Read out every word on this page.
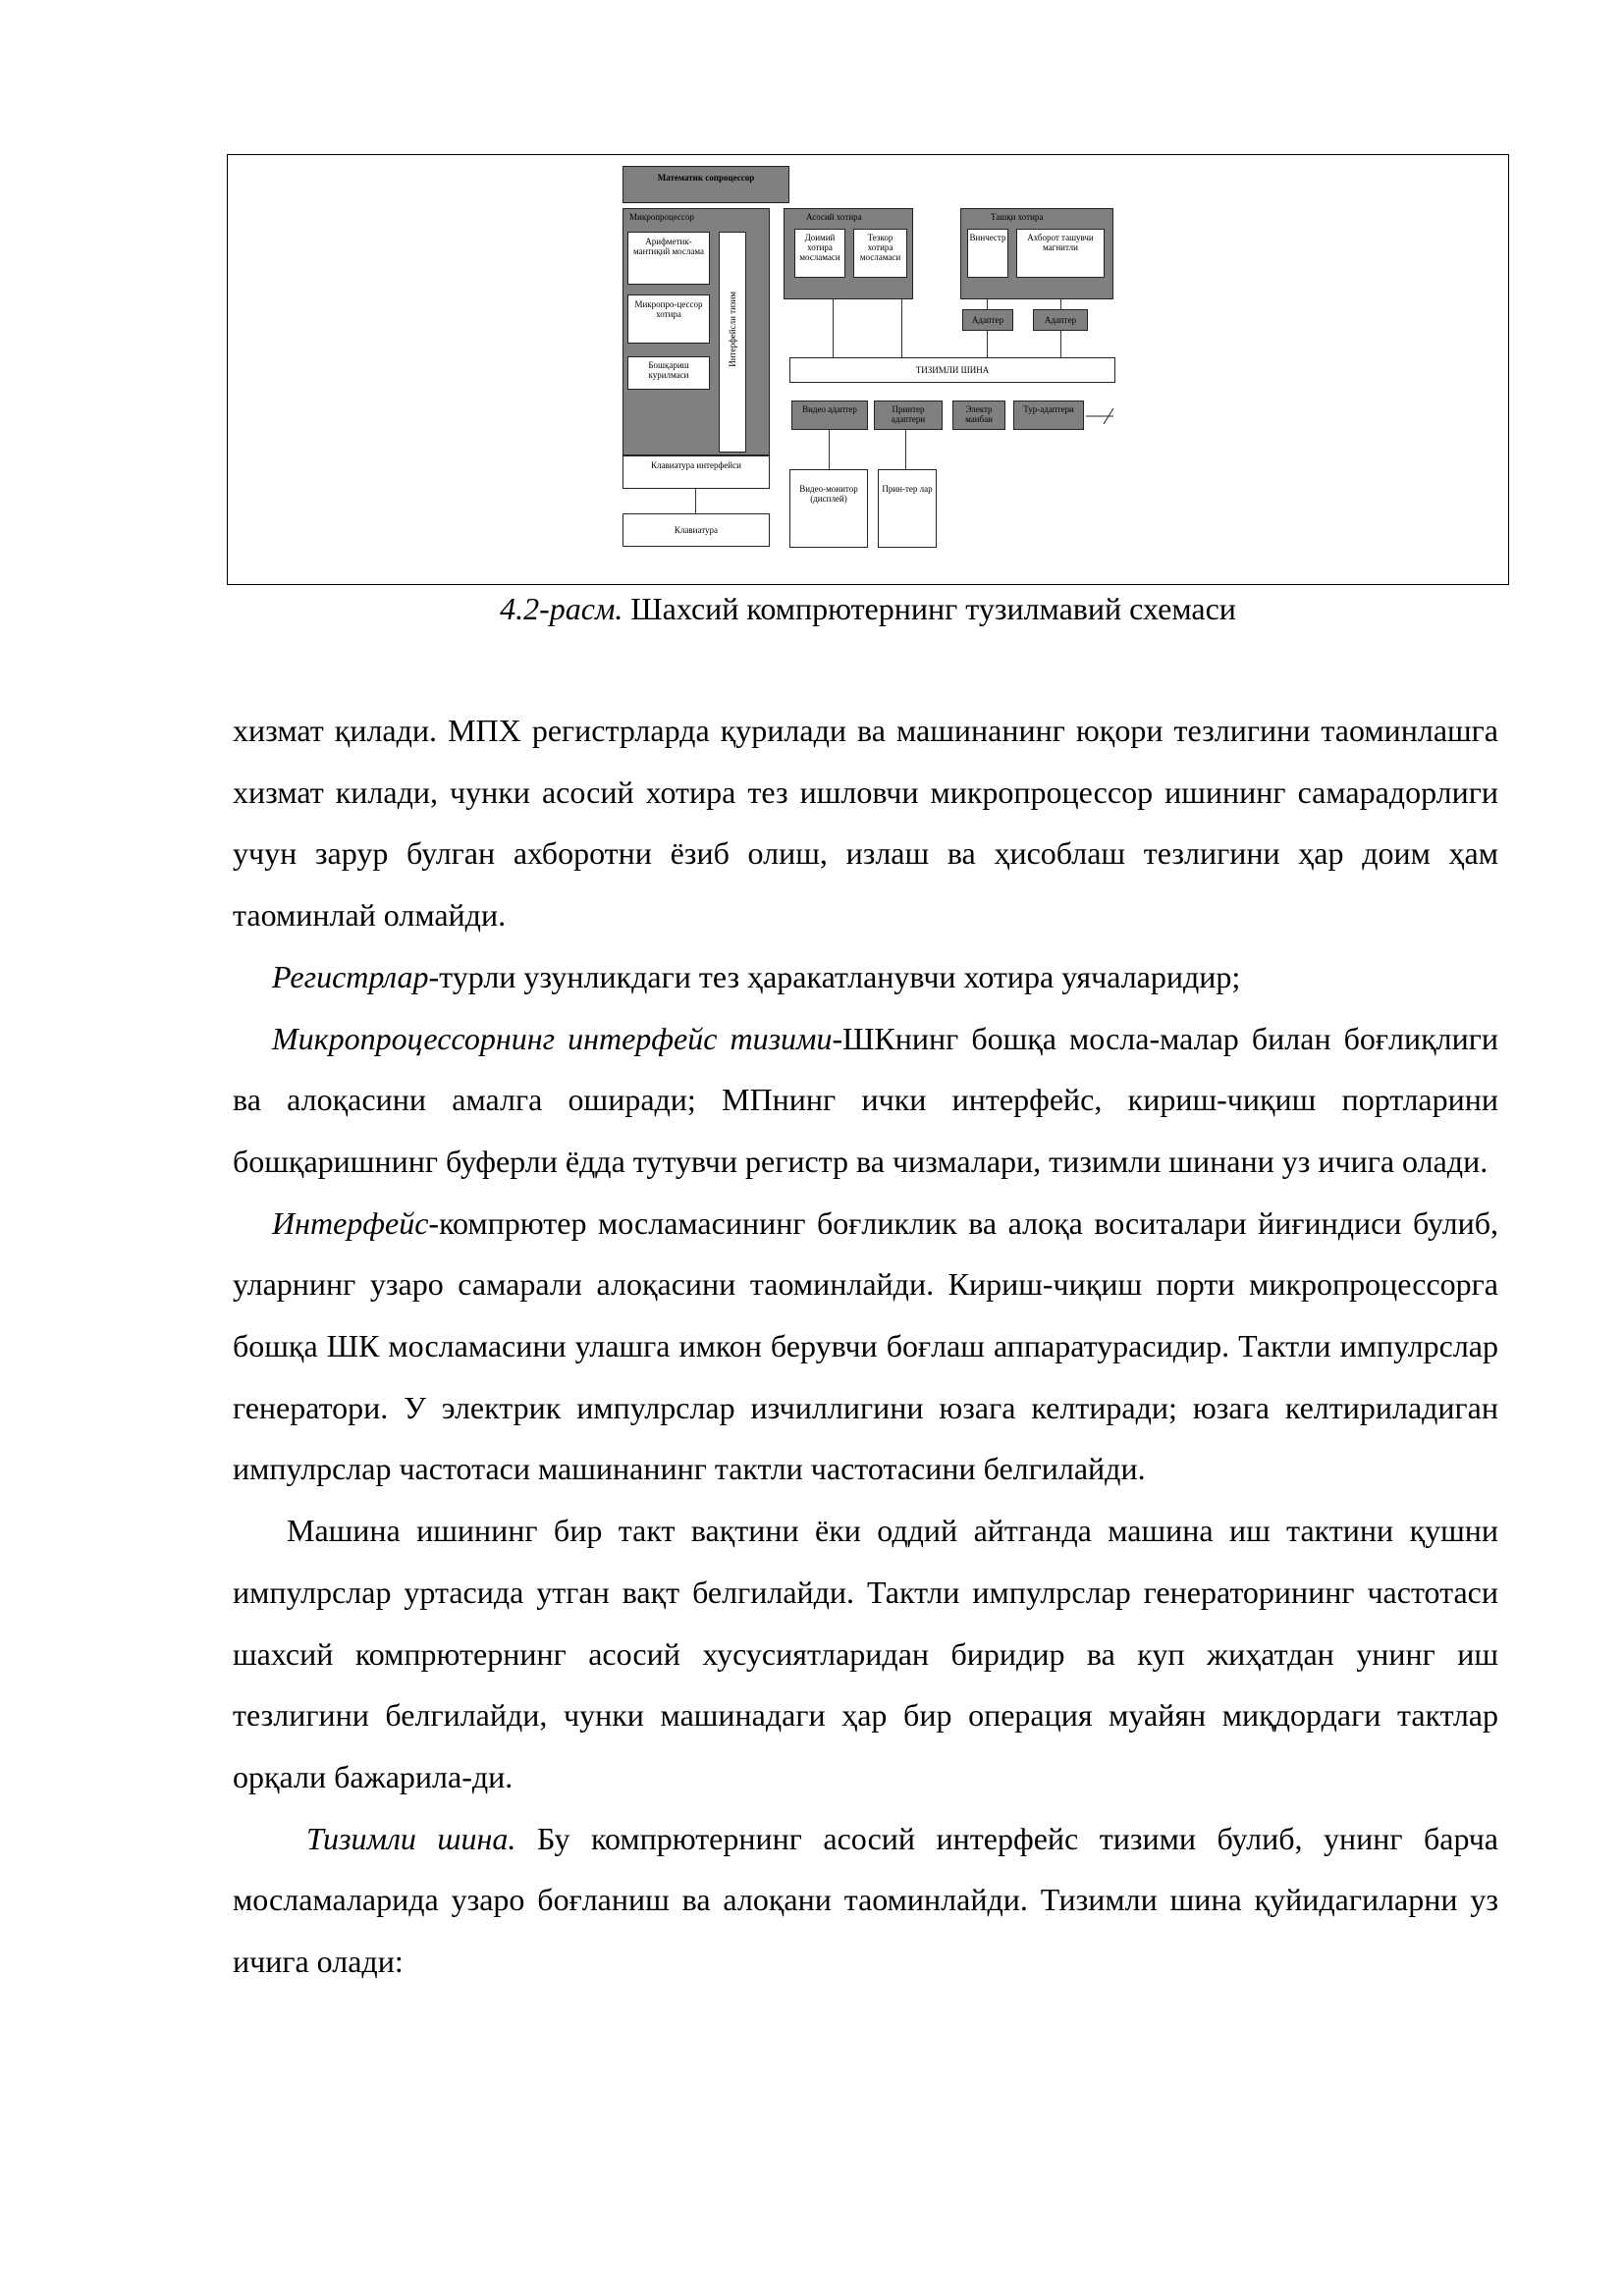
Математик сопроцессор
Микропроцессор
Арифметик-мантиқий мослама
Микропро-цессор хотира
Бошқариш курилмаси
Интерфейсли тизим
Клавиатура интерфейси
Клавиатура
Асосий хотира
Доимий хотира мосламаси
Тезкор хотира мосламаси
Ташқи хотира
Винчестр	Ахборот ташувчи магнитли
Адаптер	Адаптер
ТИЗИМЛИ ШИНА
Видео адаптер	Принтер адаптери
Электр манбаи
Тур-адаптери
Видео-монитор (дисплей)
Прин-тер лар
4.2-расм. Шахсий компрютернинг тузилмавий схемаси

хизмат қилади. МПХ регистрларда қурилади ва машинанинг юқори тезлигини таоминлашга хизмат килади, чунки асосий хотира тез ишловчи микропроцессор ишининг самарадорлиги учун зарур булган ахборотни ёзиб олиш, излаш ва ҳисоблаш тезлигини ҳар доим ҳам таоминлай олмайди.

Регистрлар-турли узунликдаги тез ҳаракатланувчи хотира уячаларидир;

Микропроцессорнинг интерфейс тизими-ШКнинг бошқа мосла-малар билан боғлиқлиги ва алоқасини амалга оширади; МПнинг ички интерфейс, кириш-чиқиш портларини бошқаришнинг буферли ёдда тутувчи регистр ва чизмалари, тизимли шинани уз ичига олади.

Интерфейс-компрютер мосламасининг боғликлик ва алоқа воситалари йиғиндиси булиб, уларнинг узаро самарали алоқасини таоминлайди. Кириш-чиқиш порти микропроцессорга бошқа ШК мосламасини улашга имкон берувчи боғлаш аппаратурасидир. Тактли импулрслар генератори. У электрик импулрслар изчиллигини юзага келтиради; юзага келтириладиган импулрслар частотаси машинанинг тактли частотасини белгилайди.

Машина ишининг бир такт вақтини ёки оддий айтганда машина иш тактини қушни импулрслар уртасида утган вақт белгилайди. Тактли импулрслар генераторининг частотаси шахсий компрютернинг асосий хусусиятларидан биридир ва куп жиҳатдан унинг иш тезлигини белгилайди, чунки машинадаги ҳар бир операция муайян миқдордаги тактлар орқали бажарила-ди.

Тизимли шина. Бу компрютернинг асосий интерфейс тизими булиб, унинг барча мосламаларида узаро боғланиш ва алоқани таоминлайди. Тизимли шина қуйидагиларни уз ичига олади:
